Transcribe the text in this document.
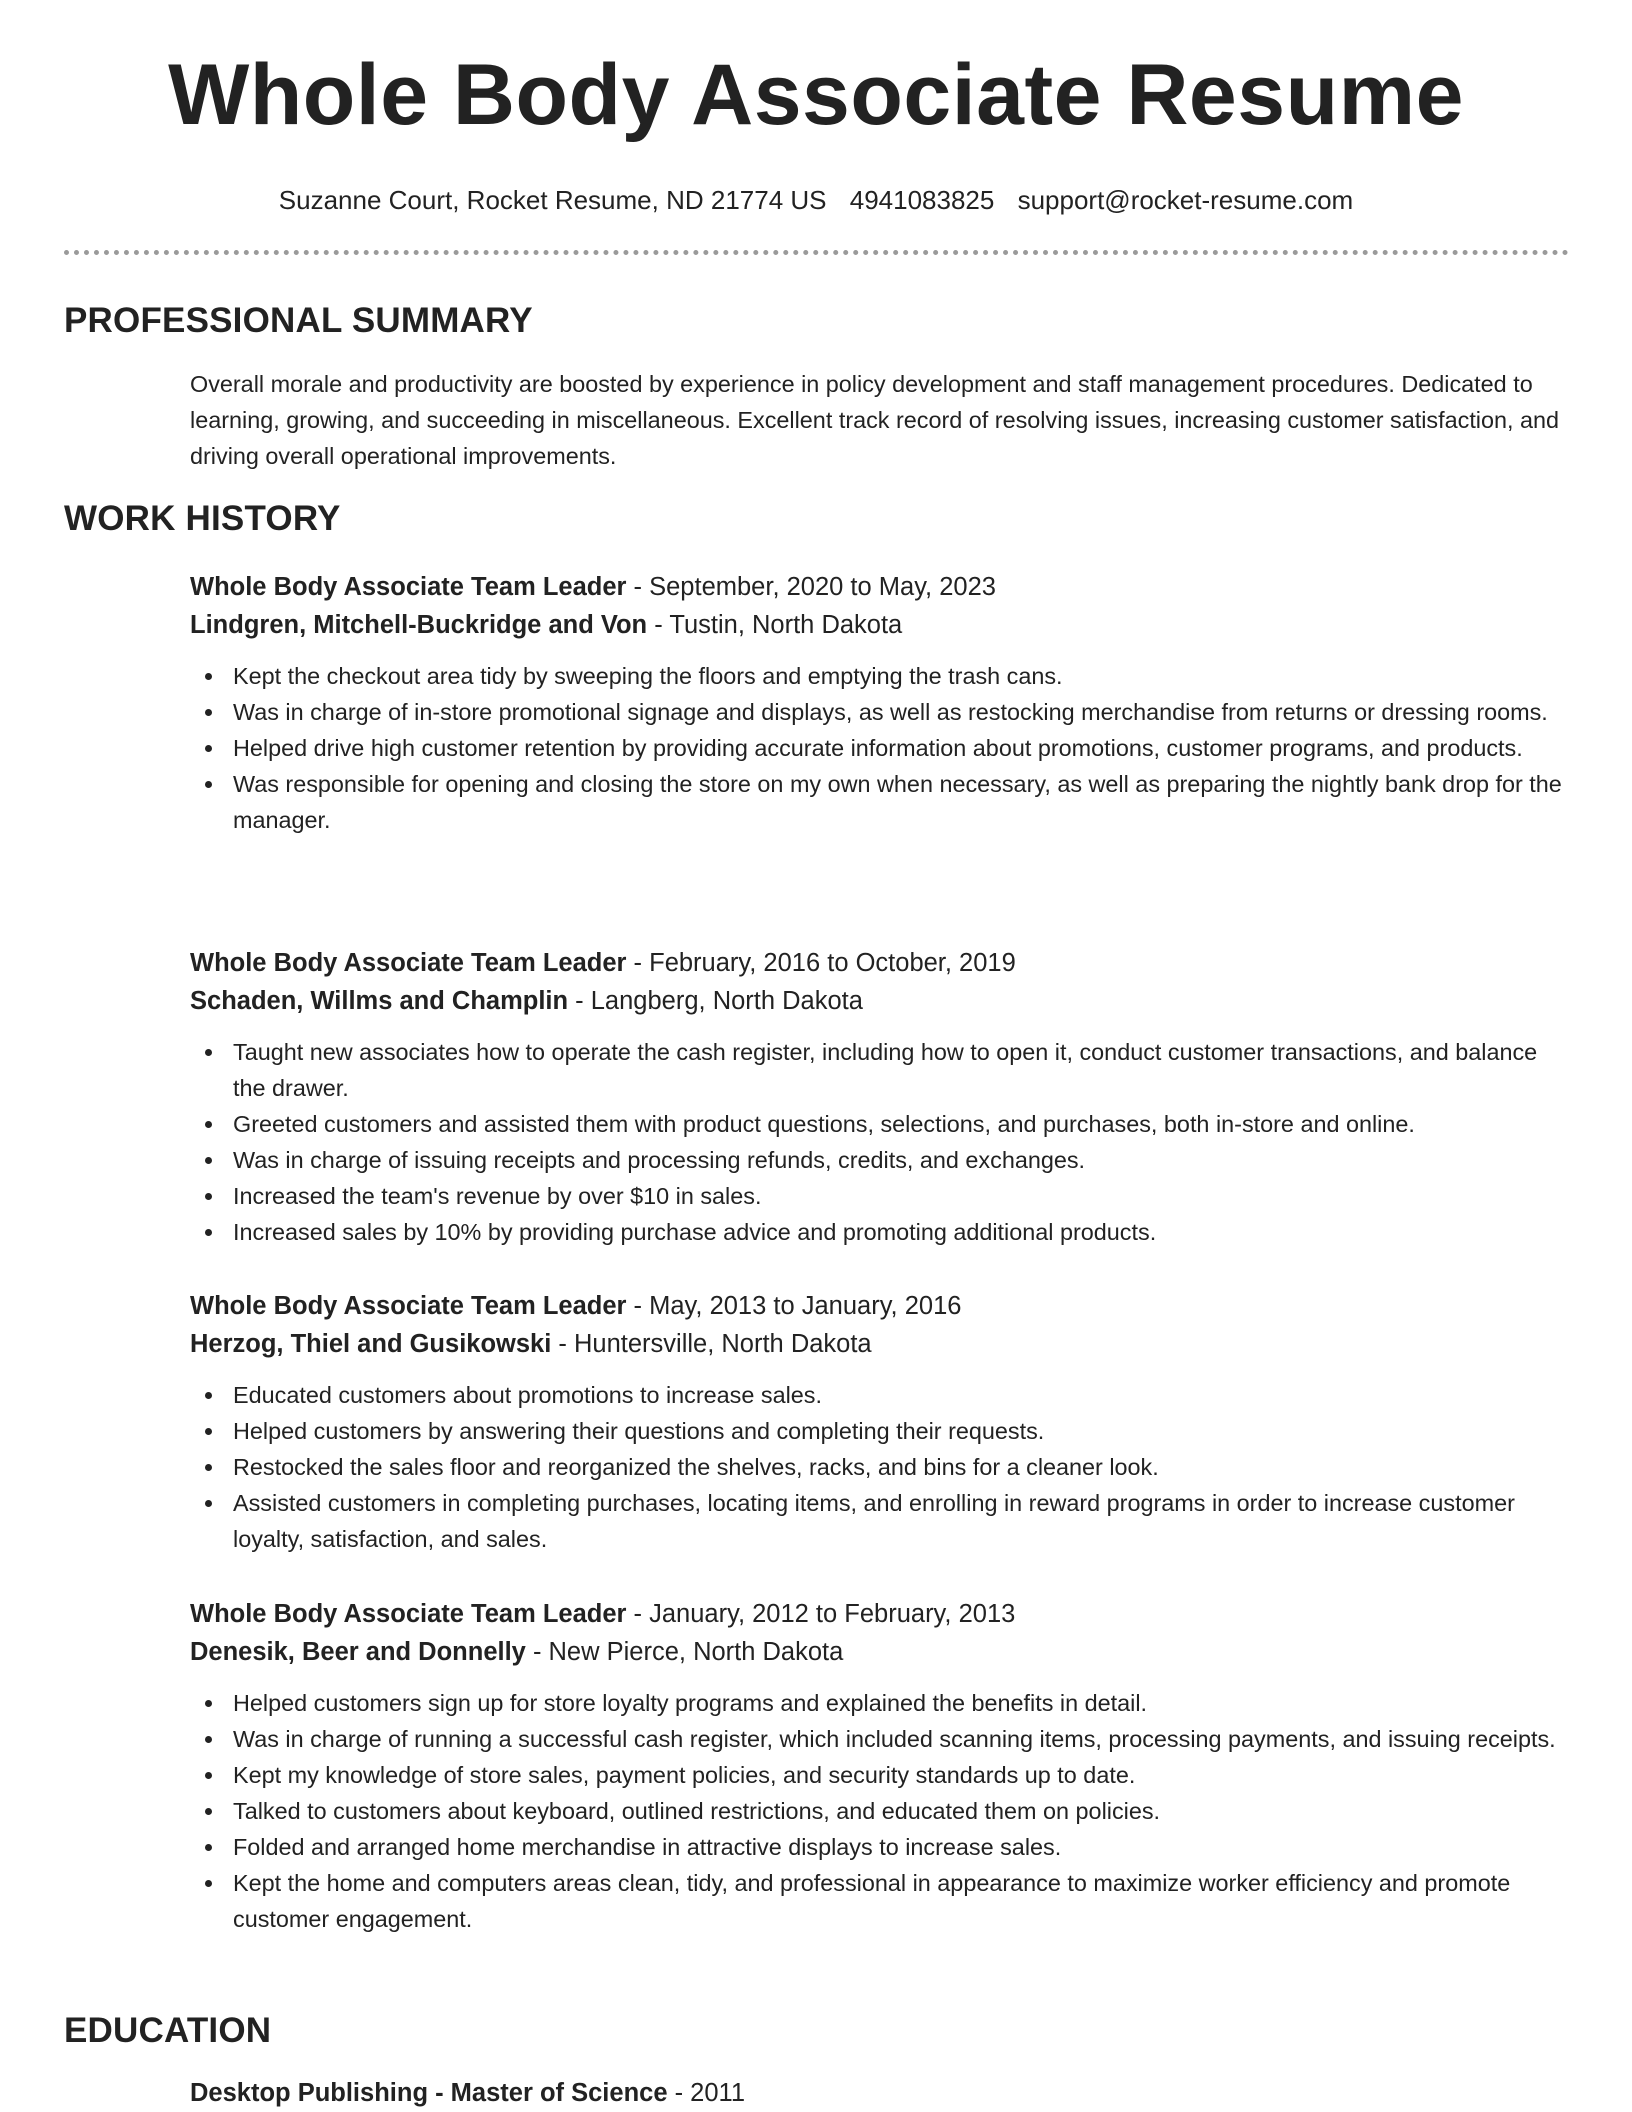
Whole Body Associate Resume
Suzanne Court, Rocket Resume, ND 21774 US 4941083825 support@rocket-resume.com
PROFESSIONAL SUMMARY

Overall morale and productivity are boosted by experience in policy development and staff management procedures. Dedicated to learning, growing, and succeeding in miscellaneous. Excellent track record of resolving issues, increasing customer satisfaction, and driving overall operational improvements.

WORK HISTORY
Whole Body Associate Team Leader - September, 2020 to May, 2023
Lindgren, Mitchell-Buckridge and Von - Tustin, North Dakota
Kept the checkout area tidy by sweeping the floors and emptying the trash cans.
Was in charge of in-store promotional signage and displays, as well as restocking merchandise from returns or dressing rooms.
Helped drive high customer retention by providing accurate information about promotions, customer programs, and products.
Was responsible for opening and closing the store on my own when necessary, as well as preparing the nightly bank drop for the manager.
Whole Body Associate Team Leader - February, 2016 to October, 2019
Schaden, Willms and Champlin - Langberg, North Dakota
Taught new associates how to operate the cash register, including how to open it, conduct customer transactions, and balance the drawer.
Greeted customers and assisted them with product questions, selections, and purchases, both in-store and online.
Was in charge of issuing receipts and processing refunds, credits, and exchanges.
Increased the team's revenue by over $10 in sales.
Increased sales by 10% by providing purchase advice and promoting additional products.
Whole Body Associate Team Leader - May, 2013 to January, 2016
Herzog, Thiel and Gusikowski - Huntersville, North Dakota
Educated customers about promotions to increase sales.
Helped customers by answering their questions and completing their requests.
Restocked the sales floor and reorganized the shelves, racks, and bins for a cleaner look.
Assisted customers in completing purchases, locating items, and enrolling in reward programs in order to increase customer loyalty, satisfaction, and sales.
Whole Body Associate Team Leader - January, 2012 to February, 2013
Denesik, Beer and Donnelly - New Pierce, North Dakota
Helped customers sign up for store loyalty programs and explained the benefits in detail.
Was in charge of running a successful cash register, which included scanning items, processing payments, and issuing receipts.
Kept my knowledge of store sales, payment policies, and security standards up to date.
Talked to customers about keyboard, outlined restrictions, and educated them on policies.
Folded and arranged home merchandise in attractive displays to increase sales.
Kept the home and computers areas clean, tidy, and professional in appearance to maximize worker efficiency and promote customer engagement.
EDUCATION
Desktop Publishing - Master of Science - 2011
